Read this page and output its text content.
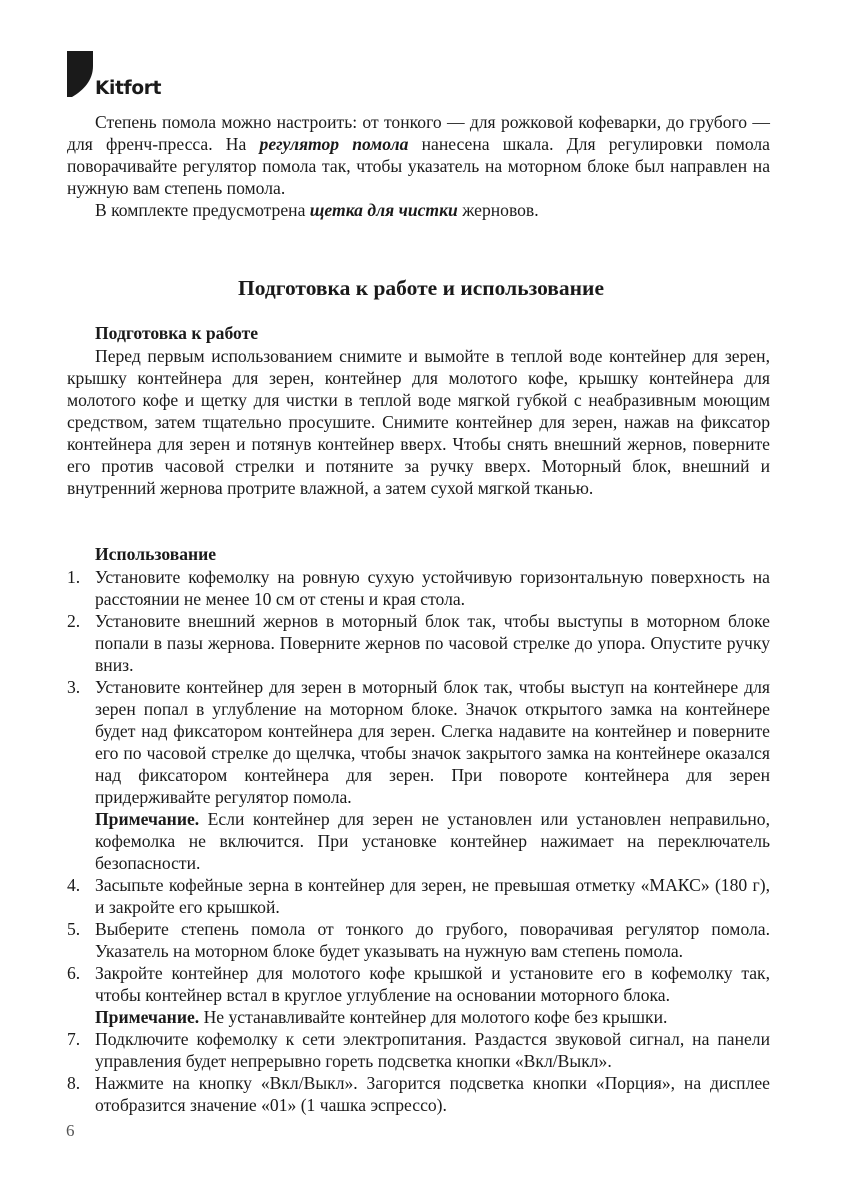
Kitfort

Степень помола можно настроить: от тонкого — для рожковой кофеварки, до грубого — для френч-пресса. На регулятор помола нанесена шкала. Для регулировки помола поворачивайте регулятор помола так, чтобы указатель на моторном блоке был направлен на нужную вам степень помола.

В комплекте предусмотрена щетка для чистки жерновов.

Подготовка к работе и использование
Подготовка к работе

Перед первым использованием снимите и вымойте в теплой воде контейнер для зерен, крышку контейнера для зерен, контейнер для молотого кофе, крышку контейнера для молотого кофе и щетку для чистки в теплой воде мягкой губкой с неабразивным моющим средством, затем тщательно просушите. Снимите контейнер для зерен, нажав на фиксатор контейнера для зерен и потянув контейнер вверх. Чтобы снять внешний жернов, поверните его против часовой стрелки и потяните за ручку вверх. Моторный блок, внешний и внутренний жернова протрите влажной, а затем сухой мягкой тканью.

Использование
1. Установите кофемолку на ровную сухую устойчивую горизонтальную поверхность на расстоянии не менее 10 см от стены и края стола.
2. Установите внешний жернов в моторный блок так, чтобы выступы в моторном блоке попали в пазы жернова. Поверните жернов по часовой стрелке до упора. Опустите ручку вниз.
3. Установите контейнер для зерен в моторный блок так, чтобы выступ на контейнере для зерен попал в углубление на моторном блоке. Значок открытого замка на контейнере будет над фиксатором контейнера для зерен. Слегка надавите на контейнер и поверните его по часовой стрелке до щелчка, чтобы значок закрытого замка на контейнере оказался над фиксатором контейнера для зерен. При повороте контейнера для зерен придерживайте регулятор помола.
Примечание. Если контейнер для зерен не установлен или установлен неправильно, кофемолка не включится. При установке контейнер нажимает на переключатель безопасности.
4. Засыпьте кофейные зерна в контейнер для зерен, не превышая отметку «МАКС» (180 г), и закройте его крышкой.
5. Выберите степень помола от тонкого до грубого, поворачивая регулятор помола. Указатель на моторном блоке будет указывать на нужную вам степень помола.
6. Закройте контейнер для молотого кофе крышкой и установите его в кофемолку так, чтобы контейнер встал в круглое углубление на основании моторного блока.
Примечание. Не устанавливайте контейнер для молотого кофе без крышки.
7. Подключите кофемолку к сети электропитания. Раздастся звуковой сигнал, на панели управления будет непрерывно гореть подсветка кнопки «Вкл/Выкл».
8. Нажмите на кнопку «Вкл/Выкл». Загорится подсветка кнопки «Порция», на дисплее отобразится значение «01» (1 чашка эспрессо).
6
